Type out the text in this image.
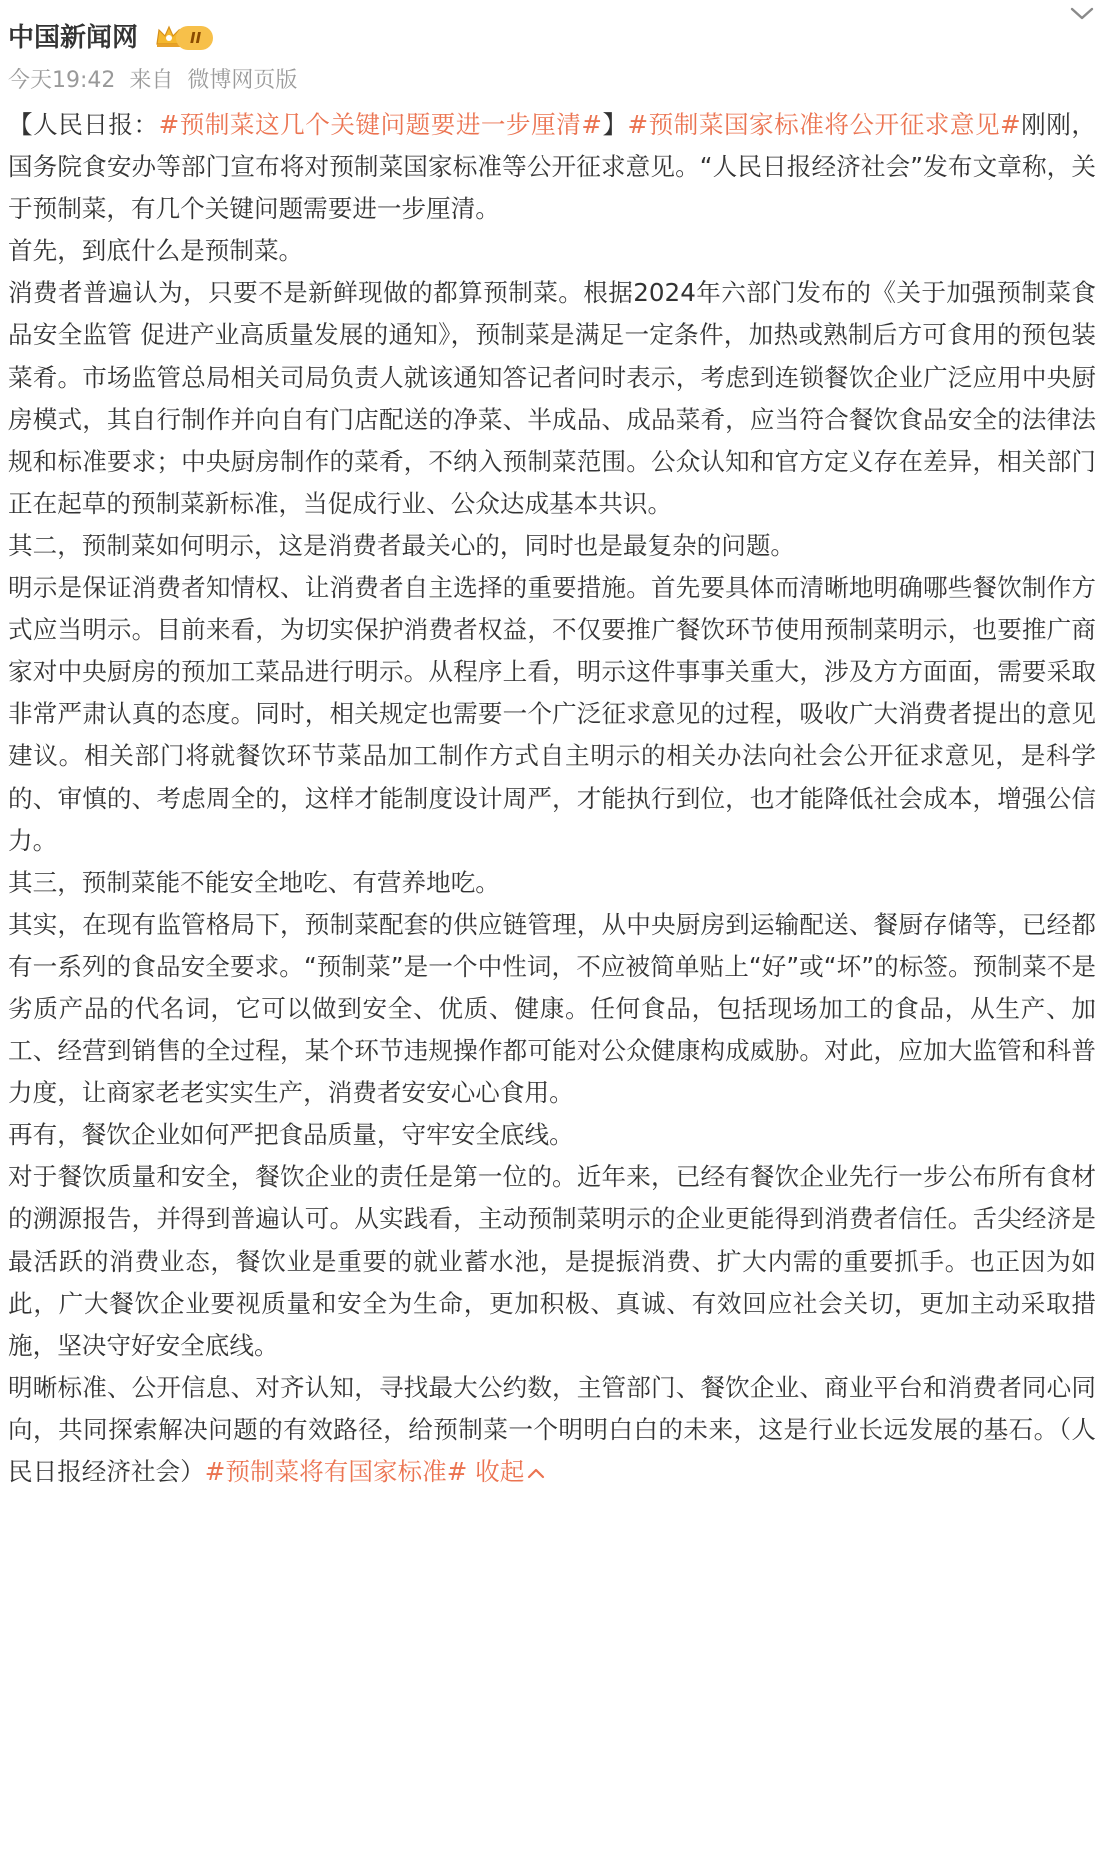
中国新闻网	II
今天19:42 来自 微博网页版

【人民日报：#预制菜这几个关键问题要进一步厘清#】#预制菜国家标准将公开征求意见#刚刚，国务院食安办等部门宣布将对预制菜国家标准等公开征求意见。“人民日报经济社会”发布文章称，关于预制菜，有几个关键问题需要进一步厘清。

首先，到底什么是预制菜。

消费者普遍认为，只要不是新鲜现做的都算预制菜。根据2024年六部门发布的《关于加强预制菜食品安全监管 促进产业高质量发展的通知》，预制菜是满足一定条件，加热或熟制后方可食用的预包装菜肴。市场监管总局相关司局负责人就该通知答记者问时表示，考虑到连锁餐饮企业广泛应用中央厨房模式，其自行制作并向自有门店配送的净菜、半成品、成品菜肴，应当符合餐饮食品安全的法律法规和标准要求；中央厨房制作的菜肴，不纳入预制菜范围。公众认知和官方定义存在差异，相关部门正在起草的预制菜新标准，当促成行业、公众达成基本共识。

其二，预制菜如何明示，这是消费者最关心的，同时也是最复杂的问题。

明示是保证消费者知情权、让消费者自主选择的重要措施。首先要具体而清晰地明确哪些餐饮制作方式应当明示。目前来看，为切实保护消费者权益，不仅要推广餐饮环节使用预制菜明示，也要推广商家对中央厨房的预加工菜品进行明示。从程序上看，明示这件事事关重大，涉及方方面面，需要采取非常严肃认真的态度。同时，相关规定也需要一个广泛征求意见的过程，吸收广大消费者提出的意见建议。相关部门将就餐饮环节菜品加工制作方式自主明示的相关办法向社会公开征求意见，是科学的、审慎的、考虑周全的，这样才能制度设计周严，才能执行到位，也才能降低社会成本，增强公信力。

其三，预制菜能不能安全地吃、有营养地吃。

其实，在现有监管格局下，预制菜配套的供应链管理，从中央厨房到运输配送、餐厨存储等，已经都有一系列的食品安全要求。“预制菜”是一个中性词，不应被简单贴上“好”或“坏”的标签。预制菜不是劣质产品的代名词，它可以做到安全、优质、健康。任何食品，包括现场加工的食品，从生产、加工、经营到销售的全过程，某个环节违规操作都可能对公众健康构成威胁。对此，应加大监管和科普力度，让商家老老实实生产，消费者安安心心食用。

再有，餐饮企业如何严把食品质量，守牢安全底线。

对于餐饮质量和安全，餐饮企业的责任是第一位的。近年来，已经有餐饮企业先行一步公布所有食材的溯源报告，并得到普遍认可。从实践看，主动预制菜明示的企业更能得到消费者信任。舌尖经济是最活跃的消费业态，餐饮业是重要的就业蓄水池，是提振消费、扩大内需的重要抓手。也正因为如此，广大餐饮企业要视质量和安全为生命，更加积极、真诚、有效回应社会关切，更加主动采取措施，坚决守好安全底线。

明晰标准、公开信息、对齐认知，寻找最大公约数，主管部门、餐饮企业、商业平台和消费者同心同向，共同探索解决问题的有效路径，给预制菜一个明明白白的未来，这是行业长远发展的基石。（人民日报经济社会）#预制菜将有国家标准# 收起
